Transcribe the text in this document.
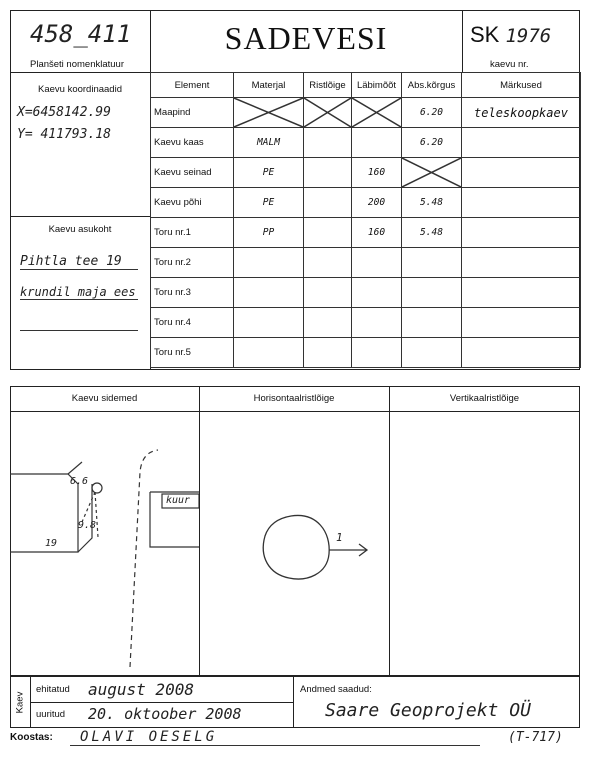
458_411
Planšeti nomenklatuur
SADEVESI	SK 1976
kaevu nr.
Kaevu koordinaadid
X=6458142.99
Y= 411793.18
Kaevu asukoht
Pihtla tee 19
krundil maja ees
Element	Materjal	Ristlõige	Läbimõõt	Abs.kõrgus	Märkused
Maapind				6.20	teleskoopkaev
Kaevu kaas	MALM			6.20	
Kaevu seinad	PE		160	

Kaevu põhi	PE		200	5.48	
Toru nr.1	PP		160	5.48	
Toru nr.2					
Toru nr.3					
Toru nr.4					
Toru nr.5					
Kaevu sidemed	Horisontaalristlõige	Vertikaalristlõige
6.6
9.8
19
kuur
1
Kaev
ehitatud august 2008
uuritud 20. oktoober 2008
Andmed saadud:
Saare Geoprojekt OÜ
Koostas:	OLAVI OESELG	(T-717)
